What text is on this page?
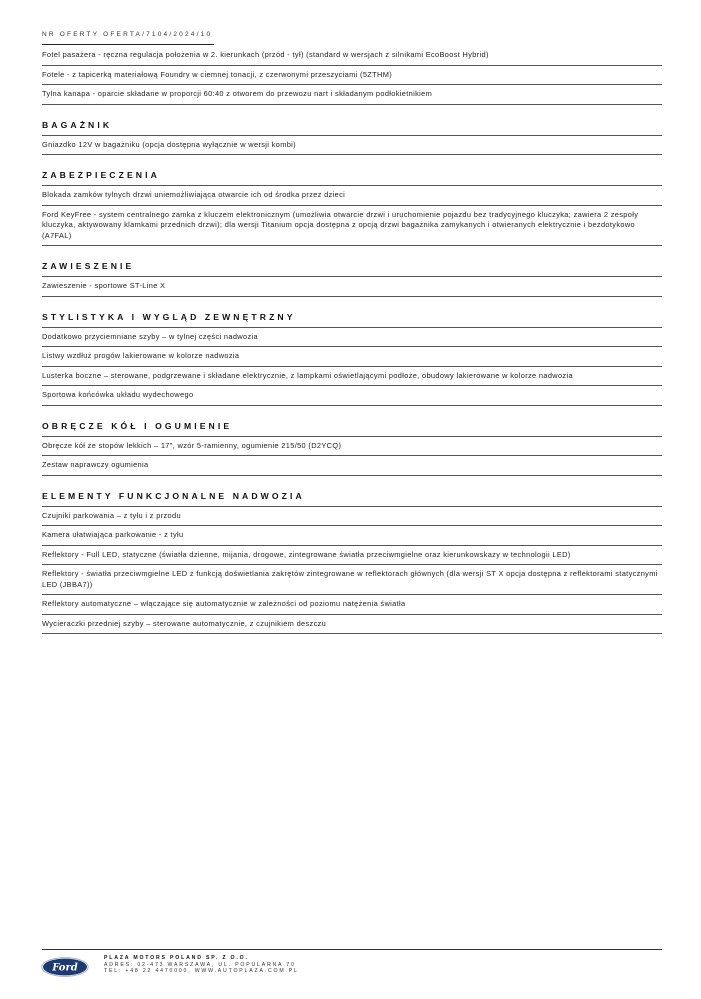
NR OFERTY OFERTA/7104/2024/10
Fotel pasażera - ręczna regulacja położenia w 2. kierunkach (przód - tył) (standard w wersjach z silnikami EcoBoost Hybrid)
Fotele - z tapicerką materiałową Foundry w ciemnej tonacji, z czerwonymi przeszyciami (5ZTHM)
Tylna kanapa - oparcie składane w proporcji 60:40 z otworem do przewozu nart i składanym podłokietnikiem
BAGAŻNIK
Gniazdko 12V w bagażniku (opcja dostępna wyłącznie w wersji kombi)
ZABEZPIECZENIA
Blokada zamków tylnych drzwi uniemożliwiająca otwarcie ich od środka przez dzieci
Ford KeyFree - system centralnego zamka z kluczem elektronicznym (umożliwia otwarcie drzwi i uruchomienie pojazdu bez tradycyjnego kluczyka; zawiera 2 zespoły kluczyka, aktywowany klamkami przednich drzwi); dla wersji Titanium opcja dostępna z opcją drzwi bagażnika zamykanych i otwieranych elektrycznie i bezdotykowo (A7FAL)
ZAWIESZENIE
Zawieszenie - sportowe ST-Line X
STYLISTYKA I WYGLĄD ZEWNĘTRZNY
Dodatkowo przyciemniane szyby – w tylnej części nadwozia
Listwy wzdłuż progów lakierowane w kolorze nadwozia
Lusterka boczne – sterowane, podgrzewane i składane elektrycznie, z lampkami oświetlającymi podłoże, obudowy lakierowane w kolorze nadwozia
Sportowa końcówka układu wydechowego
OBRĘCZE KÓŁ I OGUMIENIE
Obręcze kół ze stopów lekkich – 17", wzór 5-ramienny, ogumienie 215/50 (D2YCQ)
Zestaw naprawczy ogumienia
ELEMENTY FUNKCJONALNE NADWOZIA
Czujniki parkowania – z tyłu i z przodu
Kamera ułatwiająca parkowanie - z tyłu
Reflektory - Full LED, statyczne (światła dzienne, mijania, drogowe, zintegrowane światła przeciwmgielne oraz kierunkowskazy w technologii LED)
Reflektory - światła przeciwmgielne LED z funkcją doświetlania zakrętów zintegrowane w reflektorach głównych (dla wersji ST X opcja dostępna z reflektorami statycznymi LED (JBBA7))
Reflektory automatyczne – włączające się automatycznie w zależności od poziomu natężenia światła
Wycieraczki przedniej szyby – sterowane automatycznie, z czujnikiem deszczu
Ford
PLAZA MOTORS POLAND SP. Z O.O.
ADRES: 02-473 WARSZAWA, UL. POPULARNA 70
TEL: +48 22 4470000, WWW.AUTOPLAZA.COM.PL
